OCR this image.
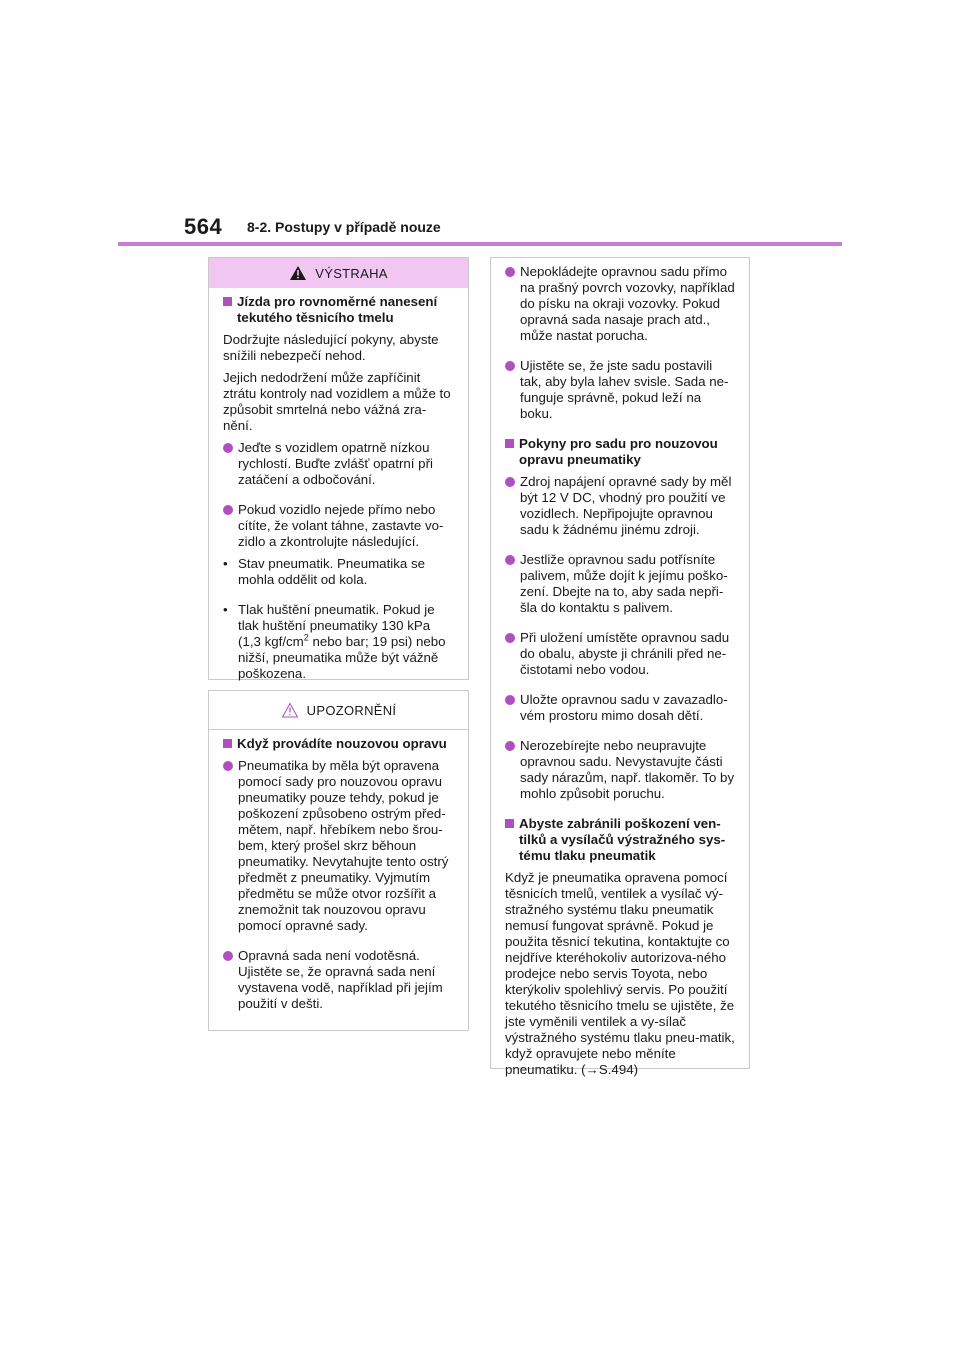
564 8-2. Postupy v případě nouze
VÝSTRAHA
Jízda pro rovnoměrné nanesení tekutého těsnicího tmelu
Dodržujte následující pokyny, abyste snížili nebezpečí nehod.
Jejich nedodržení může zapříčinit ztrátu kontroly nad vozidlem a může to způsobit smrtelná nebo vážná zra-nění.
Jeďte s vozidlem opatrně nízkou rychlostí. Buďte zvlášť opatrní při zatáčení a odbočování.
Pokud vozidlo nejede přímo nebo cítíte, že volant táhne, zastavte vo-zidlo a zkontrolujte následující.
• Stav pneumatik. Pneumatika se mohla oddělit od kola.
• Tlak huštění pneumatik. Pokud je tlak huštění pneumatiky 130 kPa (1,3 kgf/$cm^2$ nebo bar; 19 psi) nebo nižší, pneumatika může být vážně poškozena.
UPOZORNĚNÍ
Když provádíte nouzovou opravu
Pneumatika by měla být opravena pomocí sady pro nouzovou opravu pneumatiky pouze tehdy, pokud je poškození způsobeno ostrým před-mětem, např. hřebíkem nebo šrou-bem, který prošel skrz běhoun pneumatiky. Nevytahujte tento ostrý předmět z pneumatiky. Vyjmutím předmětu se může otvor rozšířit a znemožnit tak nouzovou opravu pomocí opravné sady.
Opravná sada není vodotěsná. Ujistěte se, že opravná sada není vystavena vodě, například při jejím použití v dešti.
Nepokládejte opravnou sadu přímo na prašný povrch vozovky, například do písku na okraji vozovky. Pokud opravná sada nasaje prach atd., může nastat porucha.
Ujistěte se, že jste sadu postavili tak, aby byla lahev svisle. Sada ne-funguje správně, pokud leží na boku.
Pokyny pro sadu pro nouzovou opravu pneumatiky
Zdroj napájení opravné sady by měl být 12 V DC, vhodný pro použití ve vozidlech. Nepřipojujte opravnou sadu k žádnému jinému zdroji.
Jestliže opravnou sadu potřísníte palivem, může dojít k jejímu poško-zení. Dbejte na to, aby sada nepři-šla do kontaktu s palivem.
Při uložení umístěte opravnou sadu do obalu, abyste ji chránili před ne-čistotami nebo vodou.
Uložte opravnou sadu v zavazadlo-vém prostoru mimo dosah dětí.
Nerozebírejte nebo neupravujte opravnou sadu. Nevystavujte části sady nárazům, např. tlakoměr. To by mohlo způsobit poruchu.
Abyste zabránili poškození ven-tilků a vysílačů výstražného sys-tému tlaku pneumatik
Když je pneumatika opravena pomocí těsnicích tmelů, ventilek a vysílač vý-stražného systému tlaku pneumatik nemusí fungovat správně. Pokud je použita těsnicí tekutina, kontaktujte co nejdříve kteréhokoliv autorizova-ného prodejce nebo servis Toyota, nebo kterýkoliv spolehlivý servis. Po použití tekutého těsnicího tmelu se ujistěte, že jste vyměnili ventilek a vy-sílač výstražného systému tlaku pneu-matik, když opravujete nebo měníte pneumatiku. (→S.494)
